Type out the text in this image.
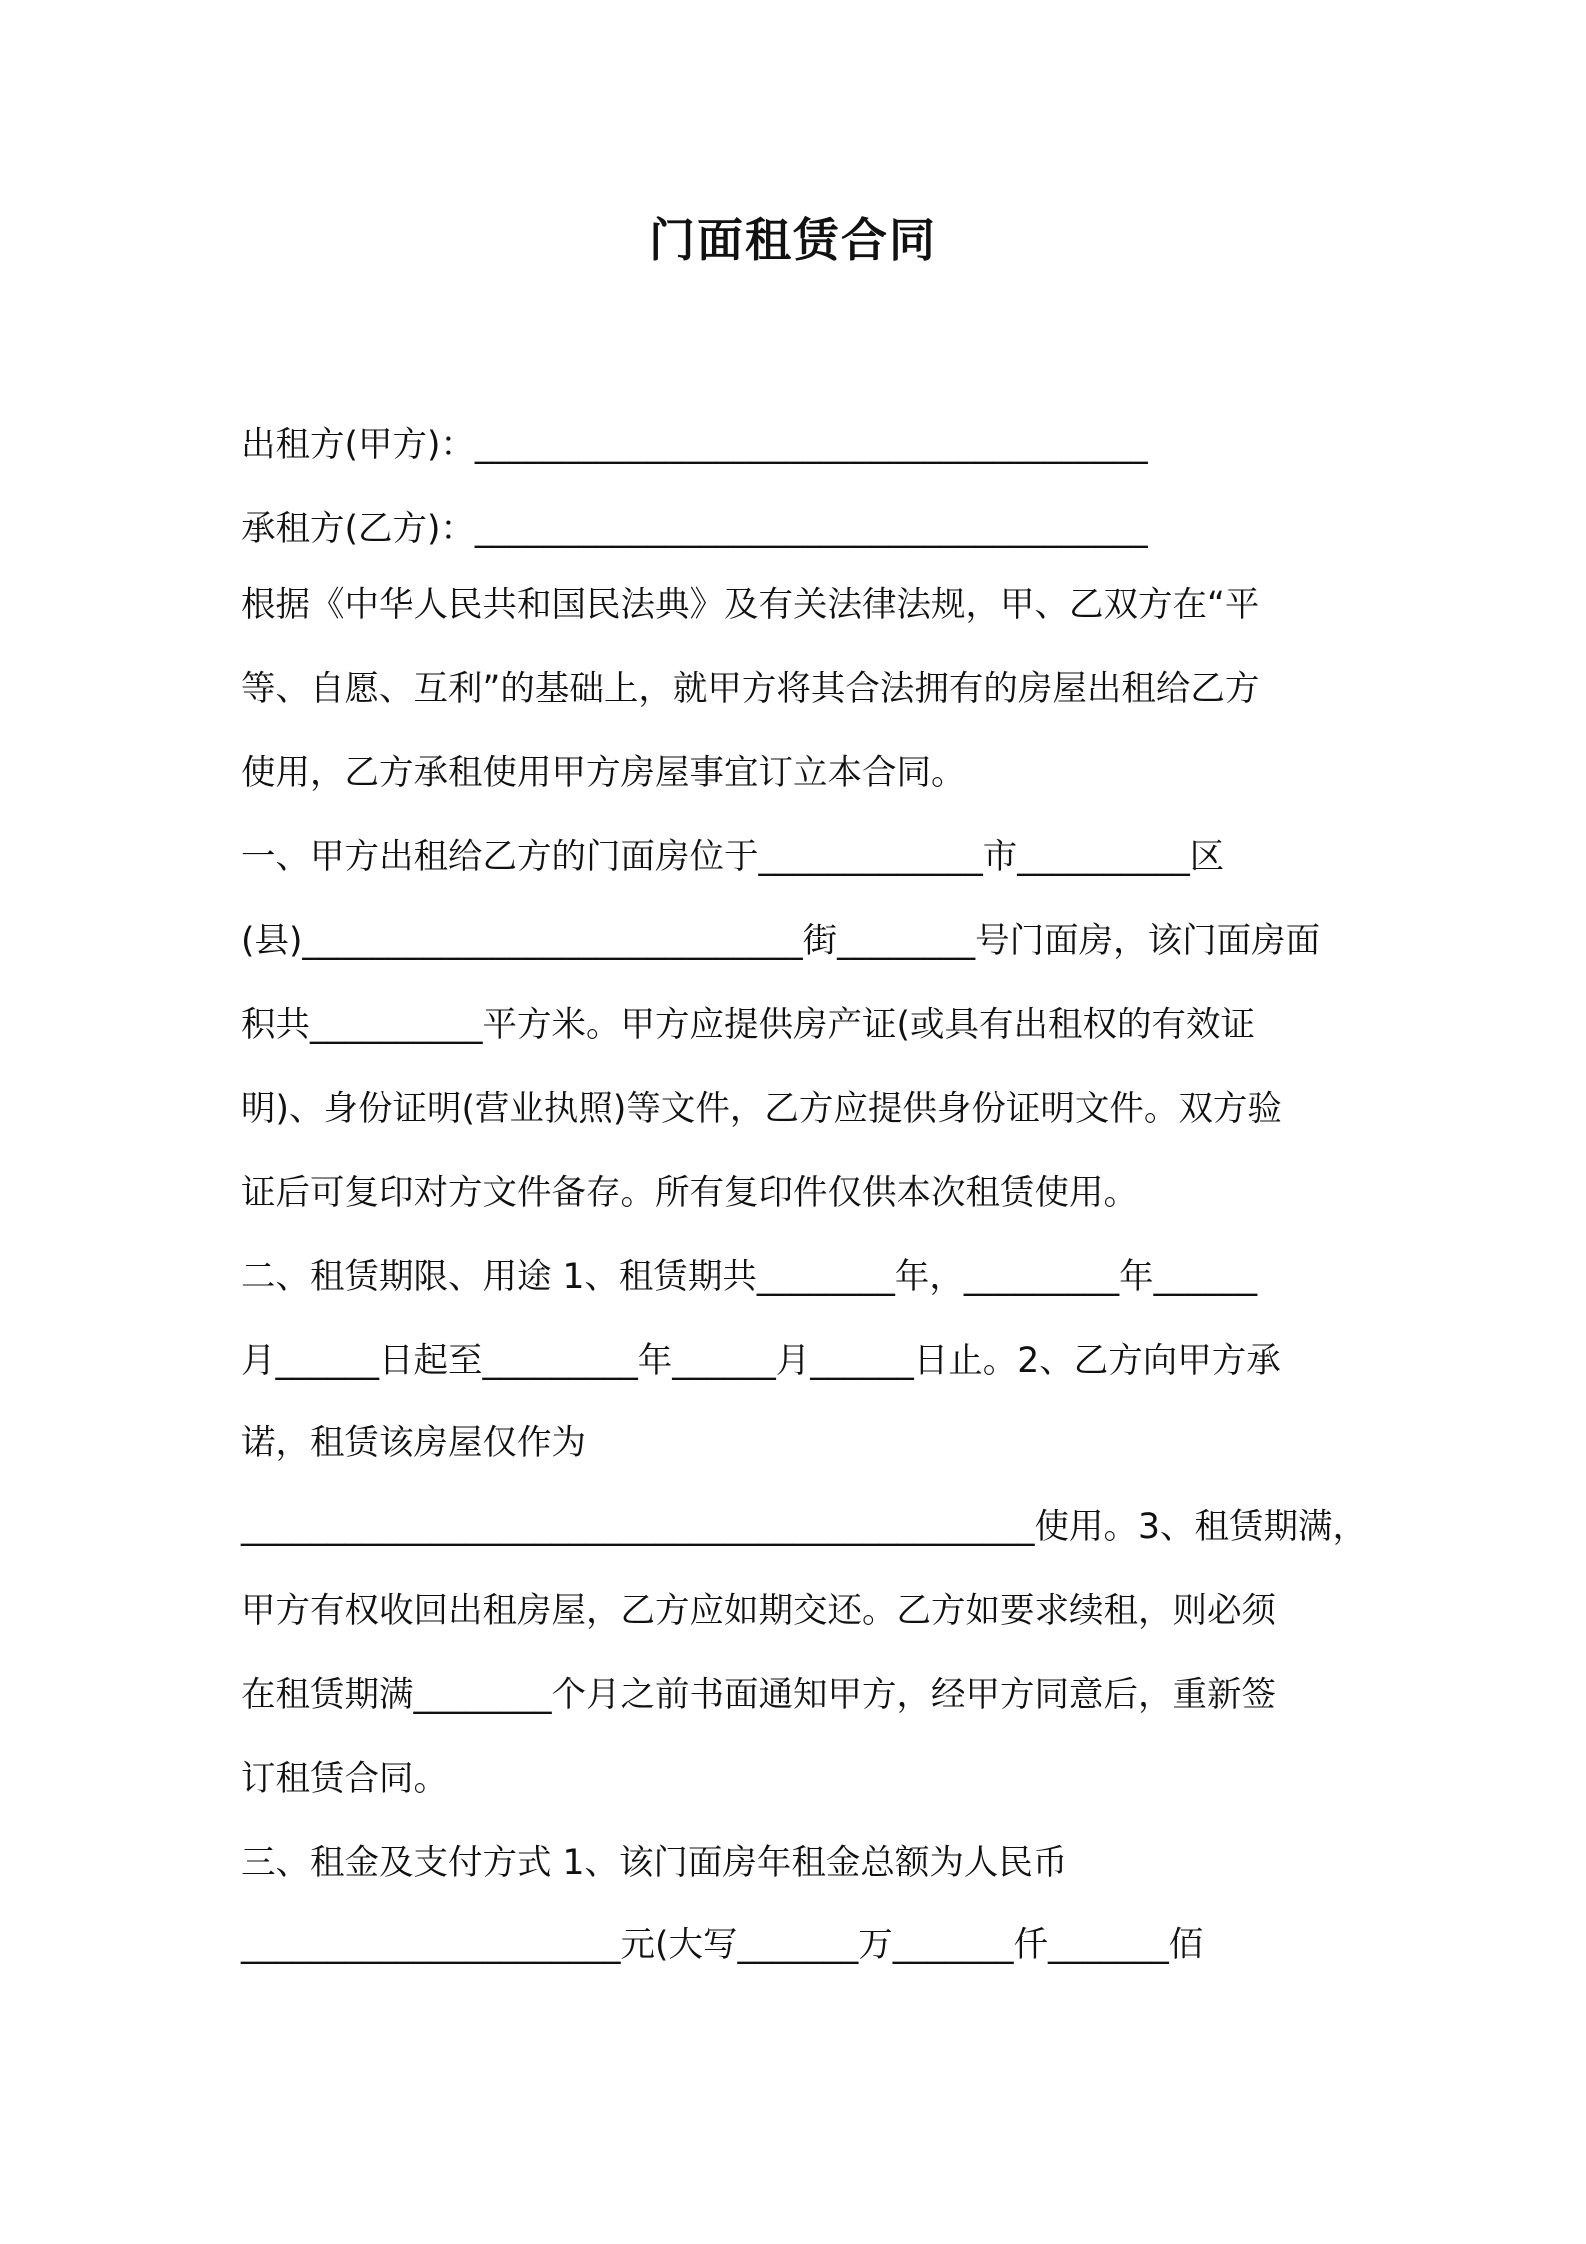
门面租赁合同
出租方(甲方)：_______________________________________
承租方(乙方)：_______________________________________
根据《中华人民共和国民法典》及有关法律法规，甲、乙双方在“平
等、自愿、互利”的基础上，就甲方将其合法拥有的房屋出租给乙方
使用，乙方承租使用甲方房屋事宜订立本合同。
一、甲方出租给乙方的门面房位于_____________市__________区
(县)_____________________________街________号门面房，该门面房面
积共__________平方米。甲方应提供房产证(或具有出租权的有效证
明)、身份证明(营业执照)等文件，乙方应提供身份证明文件。双方验
证后可复印对方文件备存。所有复印件仅供本次租赁使用。
二、租赁期限、用途 1、租赁期共________年，_________年______
月______日起至_________年______月______日止。2、乙方向甲方承
诺，租赁该房屋仅作为
______________________________________________使用。3、租赁期满，
甲方有权收回出租房屋，乙方应如期交还。乙方如要求续租，则必须
在租赁期满________个月之前书面通知甲方，经甲方同意后，重新签
订租赁合同。
三、租金及支付方式 1、该门面房年租金总额为人民币
______________________元(大写_______万_______仟_______佰
